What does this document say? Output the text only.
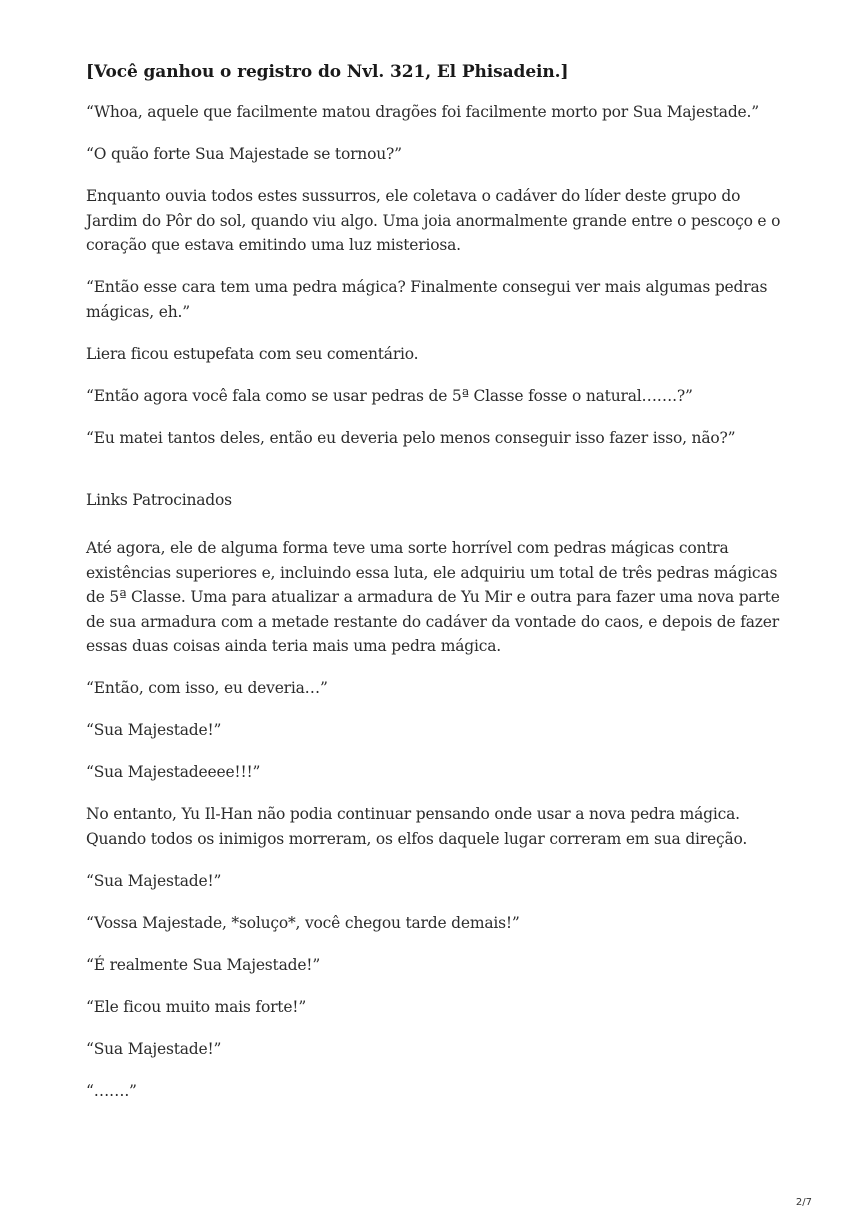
[Você ganhou o registro do Nvl. 321, El Phisadein.]

“Whoa, aquele que facilmente matou dragões foi facilmente morto por Sua Majestade.”

“O quão forte Sua Majestade se tornou?”

Enquanto ouvia todos estes sussurros, ele coletava o cadáver do líder deste grupo do Jardim do Pôr do sol, quando viu algo. Uma joia anormalmente grande entre o pescoço e o coração que estava emitindo uma luz misteriosa.

“Então esse cara tem uma pedra mágica? Finalmente consegui ver mais algumas pedras mágicas, eh.”

Liera ficou estupefata com seu comentário.

“Então agora você fala como se usar pedras de 5ª Classe fosse o natural…….?”

“Eu matei tantos deles, então eu deveria pelo menos conseguir isso fazer isso, não?”

Links Patrocinados

Até agora, ele de alguma forma teve uma sorte horrível com pedras mágicas contra existências superiores e, incluindo essa luta, ele adquiriu um total de três pedras mágicas de 5ª Classe. Uma para atualizar a armadura de Yu Mir e outra para fazer uma nova parte de sua armadura com a metade restante do cadáver da vontade do caos, e depois de fazer essas duas coisas ainda teria mais uma pedra mágica.

“Então, com isso, eu deveria…”

“Sua Majestade!”

“Sua Majestadeeee!!!”

No entanto, Yu Il-Han não podia continuar pensando onde usar a nova pedra mágica. Quando todos os inimigos morreram, os elfos daquele lugar correram em sua direção.

“Sua Majestade!”

“Vossa Majestade, *soluço*, você chegou tarde demais!”

“É realmente Sua Majestade!”

“Ele ficou muito mais forte!”

“Sua Majestade!”

“…….”

2/7
